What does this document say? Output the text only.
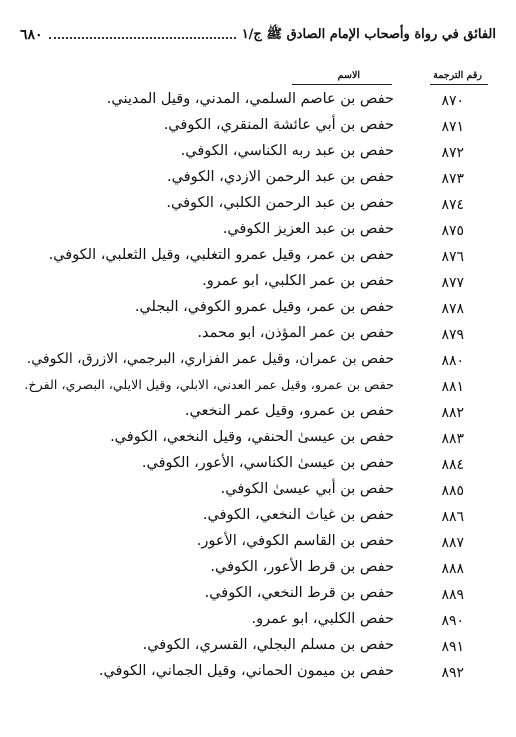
الفائق في رواة وأصحاب الإمام الصادق ﷺ ج/١
٦٨٠
رقم الترجمة
الاسم
٨٧٠
حفص بن عاصم السلمي، المدني، وقيل المديني.
٨٧١
حفص بن أبي عائشة المنقري، الكوفي.
٨٧٢
حفص بن عبد ربه الكناسي، الكوفي.
٨٧٣
حفص بن عبد الرحمن الازدي، الكوفي.
٨٧٤
حفص بن عبد الرحمن الكلبي، الكوفي.
٨٧٥
حفص بن عبد العزيز الكوفي.
٨٧٦
حفص بن عمر، وقيل عمرو التغلبي، وقيل الثعلبي، الكوفي.
٨٧٧
حفص بن عمر الكلبي، ابو عمرو.
٨٧٨
حفص بن عمر، وقيل عمرو الكوفي، البجلي.
٨٧٩
حفص بن عمر المؤذن، ابو محمد.
٨٨٠
حفص بن عمران، وقيل عمر الفزاري، البرجمي، الازرق، الكوفي.
٨٨١
حفص بن عمرو، وقيل عمر العدني، الابلي، وقيل الايلي، البصري، الفرخ.
٨٨٢
حفص بن عمرو، وقيل عمر النخعي.
٨٨٣
حفص بن عيسىٰ الحنفي، وقيل النخعي، الكوفي.
٨٨٤
حفص بن عيسىٰ الكناسي، الأعور، الكوفي.
٨٨٥
حفص بن أبي عيسىٰ الكوفي.
٨٨٦
حفص بن غياث النخعي، الكوفي.
٨٨٧
حفص بن القاسم الكوفي، الأعور.
٨٨٨
حفص بن قرط الأعور، الكوفي.
٨٨٩
حفص بن قرط النخعي، الكوفي.
٨٩٠
حفص الكلبي، ابو عمرو.
٨٩١
حفص بن مسلم البجلي، القسري، الكوفي.
٨٩٢
حفص بن ميمون الحماني، وقيل الجماني، الكوفي.
